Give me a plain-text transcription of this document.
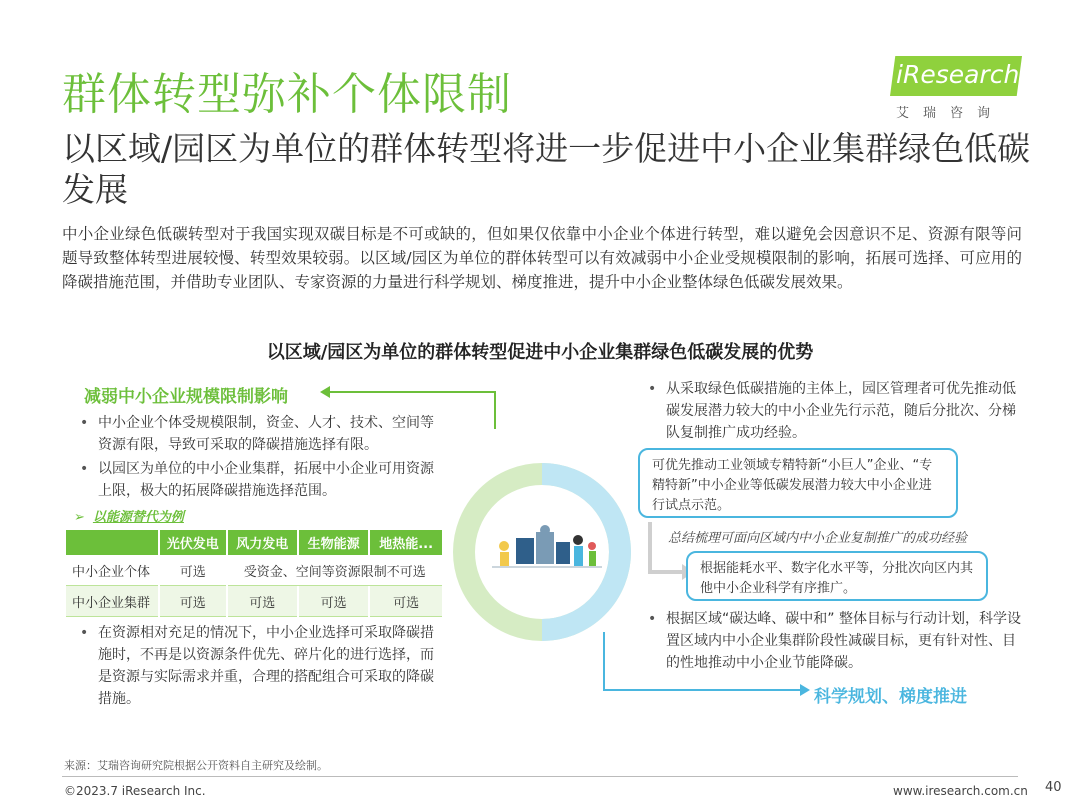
群体转型弥补个体限制	iResearch
艾瑞咨询
以区域/园区为单位的群体转型将进一步促进中小企业集群绿色低碳发展
中小企业绿色低碳转型对于我国实现双碳目标是不可或缺的，但如果仅依靠中小企业个体进行转型，难以避免会因意识不足、资源有限等问题导致整体转型进展较慢、转型效果较弱。以区域/园区为单位的群体转型可以有效减弱中小企业受规模限制的影响，拓展可选择、可应用的降碳措施范围，并借助专业团队、专家资源的力量进行科学规划、梯度推进，提升中小企业整体绿色低碳发展效果。
以区域/园区为单位的群体转型促进中小企业集群绿色低碳发展的优势
减弱中小企业规模限制影响
• 中小企业个体受规模限制，资金、人才、技术、空间等资源有限，导致可采取的降碳措施选择有限。
• 以园区为单位的中小企业集群，拓展中小企业可用资源上限，极大的拓展降碳措施选择范围。
➢ 以能源替代为例
	光伏发电	风力发电	生物能源	地热能...
中小企业个体	可选	受资金、空间等资源限制不可选		
中小企业集群	可选	可选	可选	可选
• 在资源相对充足的情况下，中小企业选择可采取降碳措施时，不再是以资源条件优先、碎片化的进行选择，而是资源与实际需求并重，合理的搭配组合可采取的降碳措施。
• 从采取绿色低碳措施的主体上，园区管理者可优先推动低碳发展潜力较大的中小企业先行示范，随后分批次、分梯队复制推广成功经验。
可优先推动工业领域专精特新“小巨人”企业、“专精特新”中小企业等低碳发展潜力较大中小企业进行试点示范。
总结梳理可面向区域内中小企业复制推广的成功经验
根据能耗水平、数字化水平等，分批次向区内其他中小企业科学有序推广。
• 根据区域“碳达峰、碳中和” 整体目标与行动计划，科学设置区域内中小企业集群阶段性减碳目标，更有针对性、目的性地推动中小企业节能降碳。
科学规划、梯度推进
来源：艾瑞咨询研究院根据公开资料自主研究及绘制。
©2023.7 iResearch Inc.	www.iresearch.com.cn 40
